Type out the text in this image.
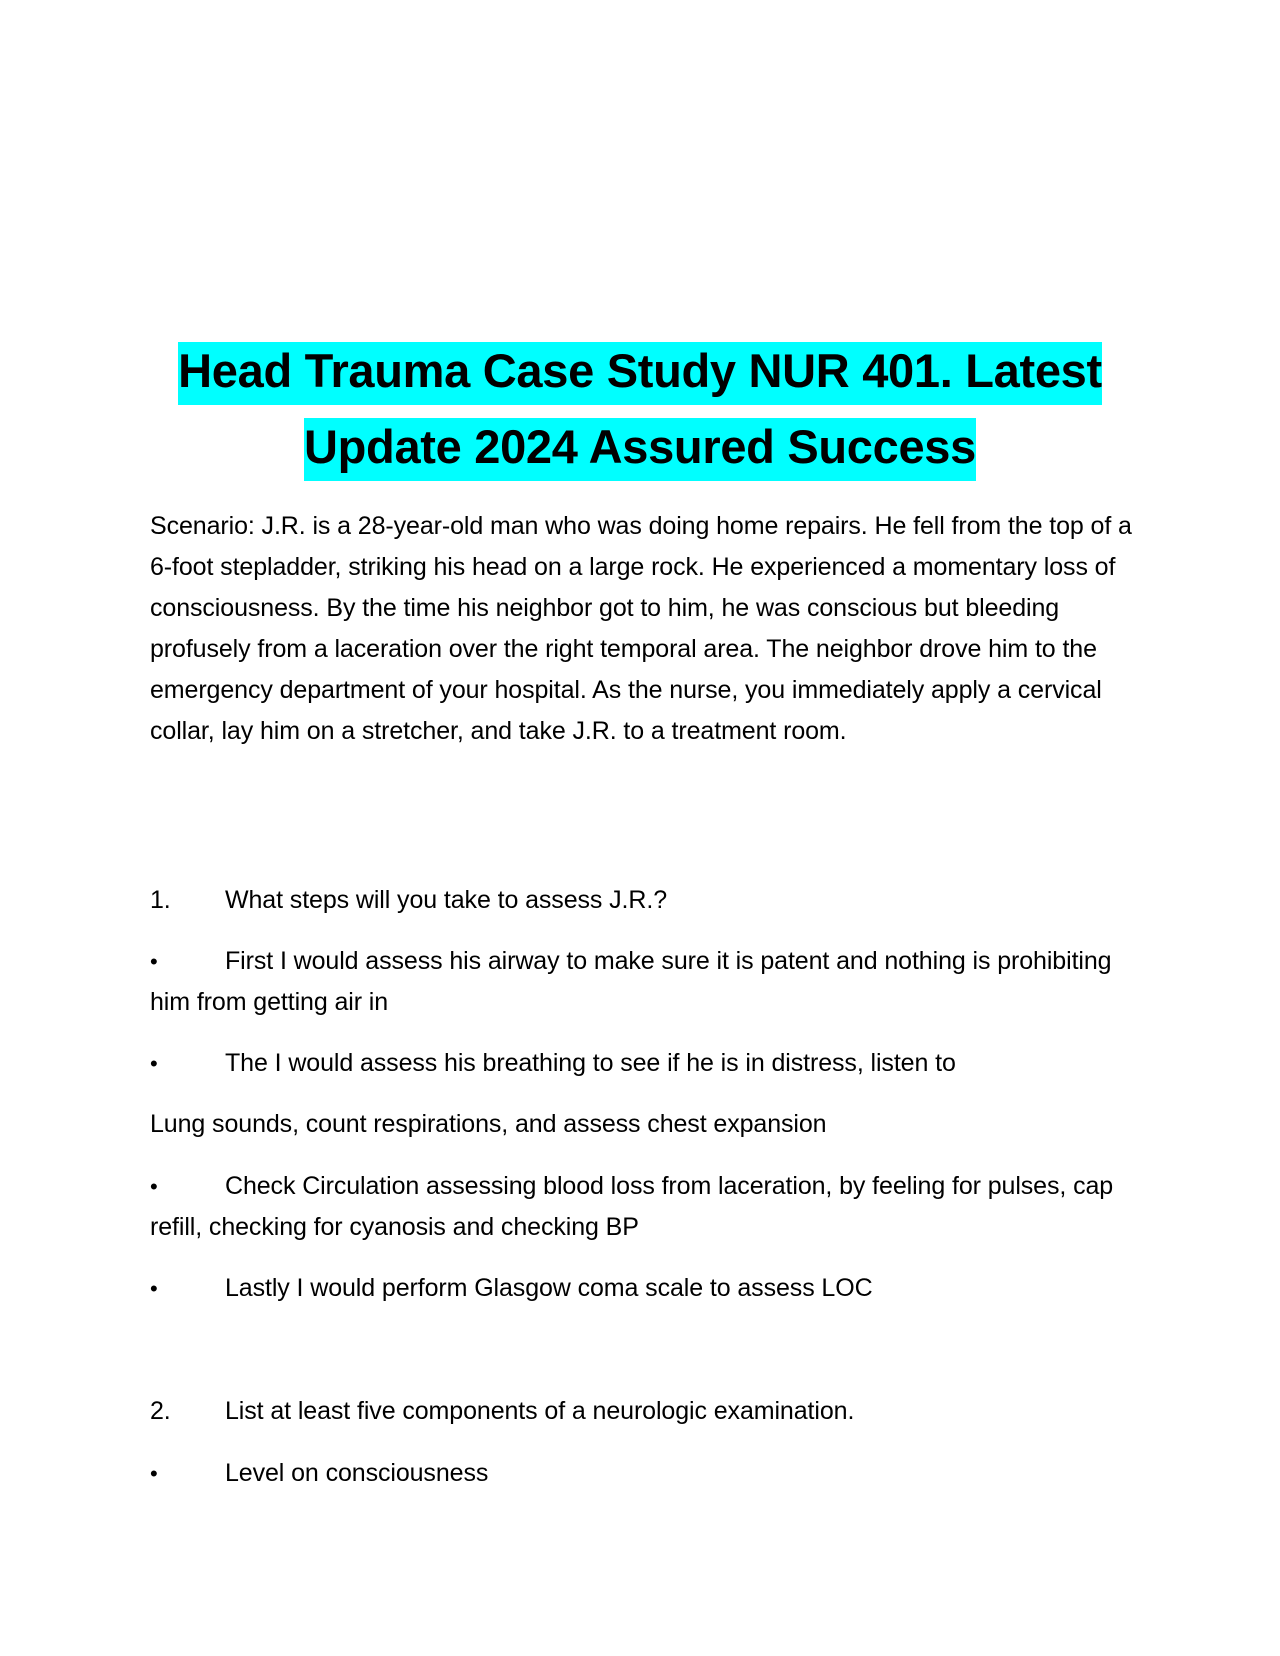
Head Trauma Case Study NUR 401. Latest
Update 2024 Assured Success
Scenario: J.R. is a 28-year-old man who was doing home repairs. He fell from the top of a 6-foot stepladder, striking his head on a large rock. He experienced a momentary loss of consciousness. By the time his neighbor got to him, he was conscious but bleeding profusely from a laceration over the right temporal area. The neighbor drove him to the emergency department of your hospital. As the nurse, you immediately apply a cervical collar, lay him on a stretcher, and take J.R. to a treatment room.
1. What steps will you take to assess J.R.?
•	First I would assess his airway to make sure it is patent and nothing is prohibiting him from getting air in
•	The I would assess his breathing to see if he is in distress, listen to
Lung sounds, count respirations, and assess chest expansion
•	Check Circulation assessing blood loss from laceration, by feeling for pulses, cap refill, checking for cyanosis and checking BP
•	Lastly I would perform Glasgow coma scale to assess LOC
2. List at least five components of a neurologic examination.
•	Level on consciousness
